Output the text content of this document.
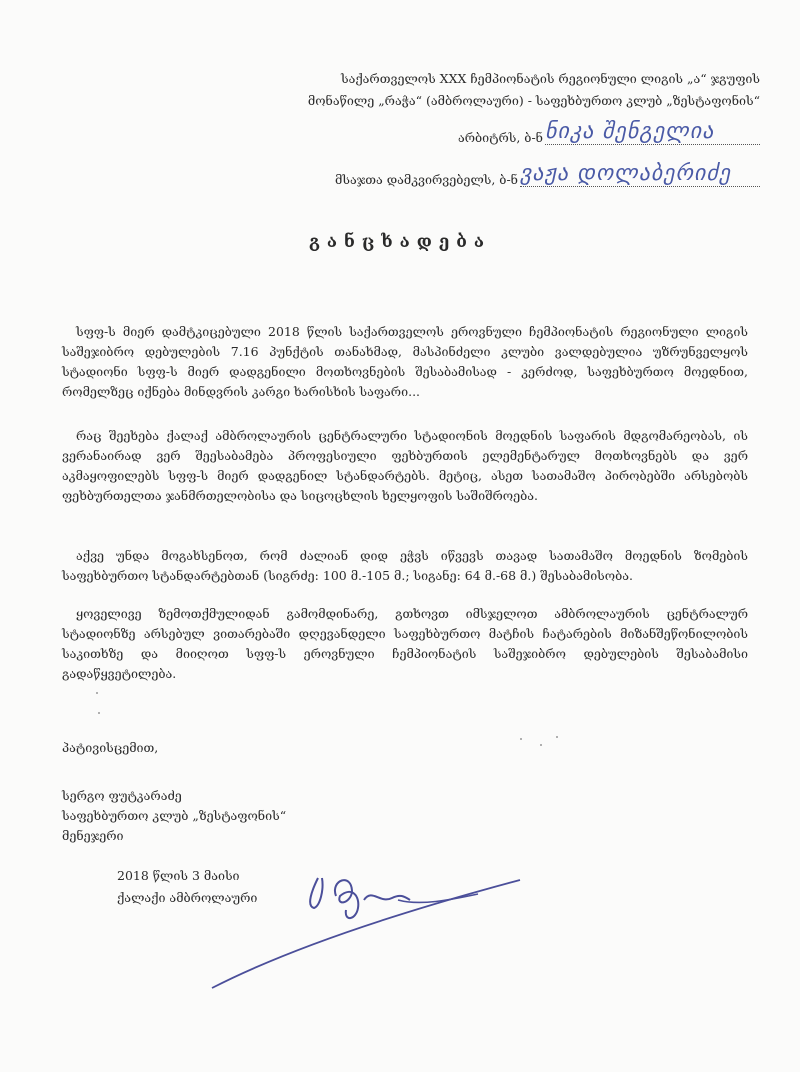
საქართველოს XXX ჩემპიონატის რეგიონული ლიგის „ა“ ჯგუფის
მონაწილე „რაჭა“ (ამბროლაური) - საფეხბურთო კლუბ „ზესტაფონის“
არბიტრს, ბ-ნ ნიკა შენგელია
მსაჯთა დამკვირვებელს, ბ-ნ ვაჟა დოლაბერიძე
განცხადება
სფფ-ს მიერ დამტკიცებული 2018 წლის საქართველოს ეროვნული ჩემპიონატის რეგიონული ლიგის საშეჯიბრო დებულების 7.16 პუნქტის თანახმად, მასპინძელი კლუბი ვალდებულია უზრუნველყოს სტადიონი სფფ-ს მიერ დადგენილი მოთხოვნების შესაბამისად - კერძოდ, საფეხბურთო მოედნით, რომელზეც იქნება მინდვრის კარგი ხარისხის საფარი...
რაც შეეხება ქალაქ ამბროლაურის ცენტრალური სტადიონის მოედნის საფარის მდგომარეობას, ის ვერანაირად ვერ შეესაბამება პროფესიული ფეხბურთის ელემენტარულ მოთხოვნებს და ვერ აკმაყოფილებს სფფ-ს მიერ დადგენილ სტანდარტებს. მეტიც, ასეთ სათამაშო პირობებში არსებობს ფეხბურთელთა ჯანმრთელობისა და სიცოცხლის ხელყოფის საშიშროება.
აქვე უნდა მოგახსენოთ, რომ ძალიან დიდ ეჭვს იწვევს თავად სათამაშო მოედნის ზომების საფეხბურთო სტანდარტებთან (სიგრძე: 100 მ.-105 მ.; სიგანე: 64 მ.-68 მ.) შესაბამისობა.
ყოველივე ზემოთქმულიდან გამომდინარე, გთხოვთ იმსჯელოთ ამბროლაურის ცენტრალურ სტადიონზე არსებულ ვითარებაში დღევანდელი საფეხბურთო მატჩის ჩატარების მიზანშეწონილობის საკითხზე და მიიღოთ სფფ-ს ეროვნული ჩემპიონატის საშეჯიბრო დებულების შესაბამისი გადაწყვეტილება.
პატივისცემით,
სერგო ფუტკარაძე
საფეხბურთო კლუბ „ზესტაფონის“
მენეჯერი
2018 წლის 3 მაისი
ქალაქი ამბროლაური
